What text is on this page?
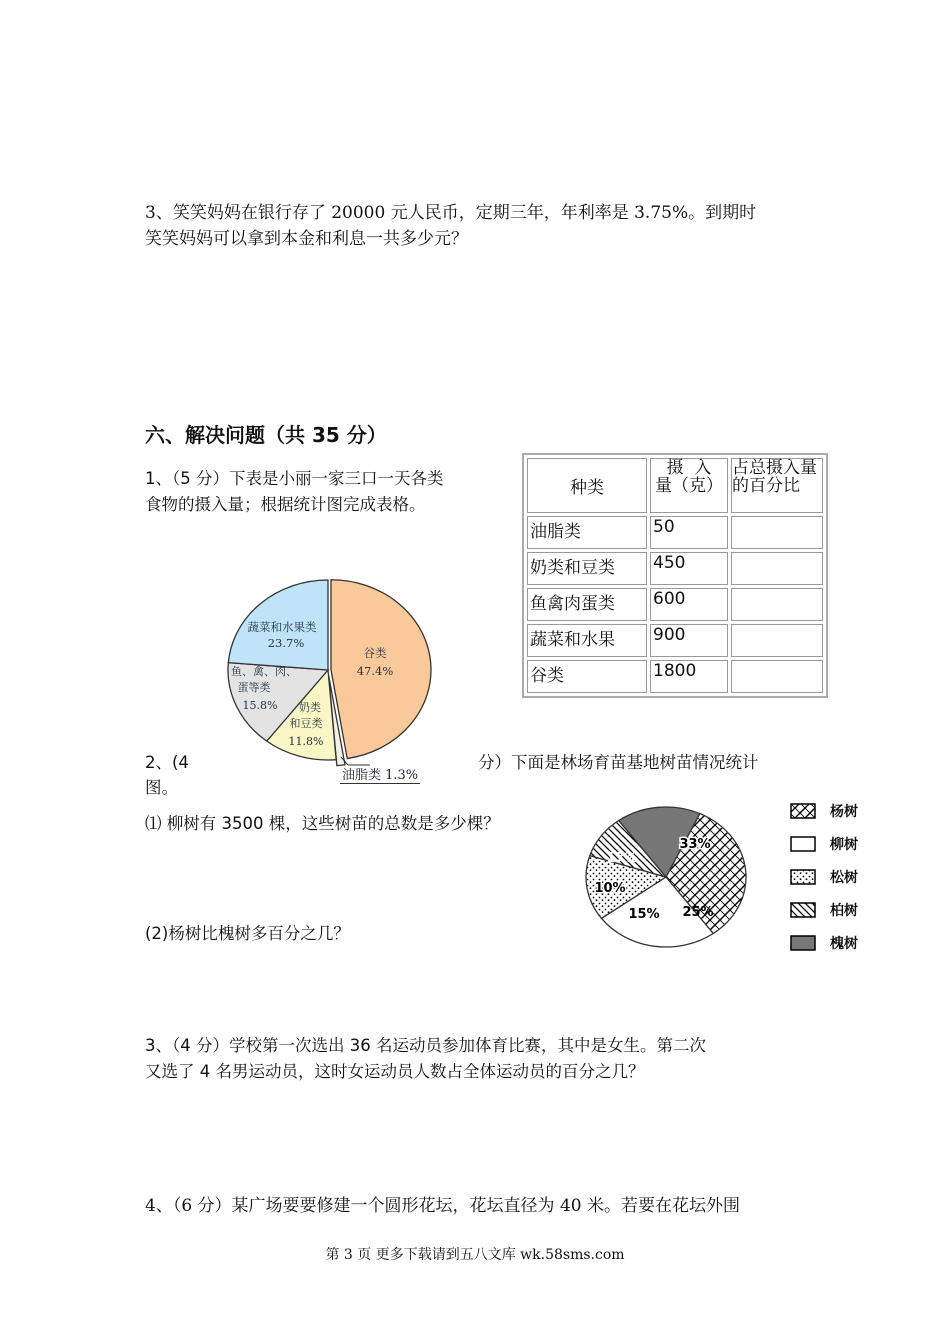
3、笑笑妈妈在银行存了 20000 元人民币，定期三年，年利率是 3.75%。到期时
笑笑妈妈可以拿到本金和利息一共多少元？
六、解决问题（共 35 分）
1、（5 分）下表是小丽一家三口一天各类
食物的摄入量；根据统计图完成表格。
种类	摄  入  量（克）	占总摄入量的百分比
油脂类	50	
奶类和豆类	450	
鱼禽肉蛋类	600	
蔬菜和水果	900	
谷类	1800	
蔬菜和水果类
23.7%
谷类
47.4%
鱼、禽、肉、
蛋等类
15.8% 奶类
和豆类
11.8%
油脂类 1.3%
2、(4	分）下面是林场育苗基地树苗情况统计
图。
⑴ 柳树有 3500 棵，这些树苗的总数是多少棵？
(2)杨树比槐树多百分之几？
33%
25%
15%
10%
17%
杨树
柳树
松树
柏树
槐树
3、（4 分）学校第一次选出 36 名运动员参加体育比赛，其中是女生。第二次
又选了 4 名男运动员，这时女运动员人数占全体运动员的百分之几？
4、（6 分）某广场要要修建一个圆形花坛，花坛直径为 40 米。若要在花坛外围
第 3 页 更多下载请到五八文库 wk.58sms.com
